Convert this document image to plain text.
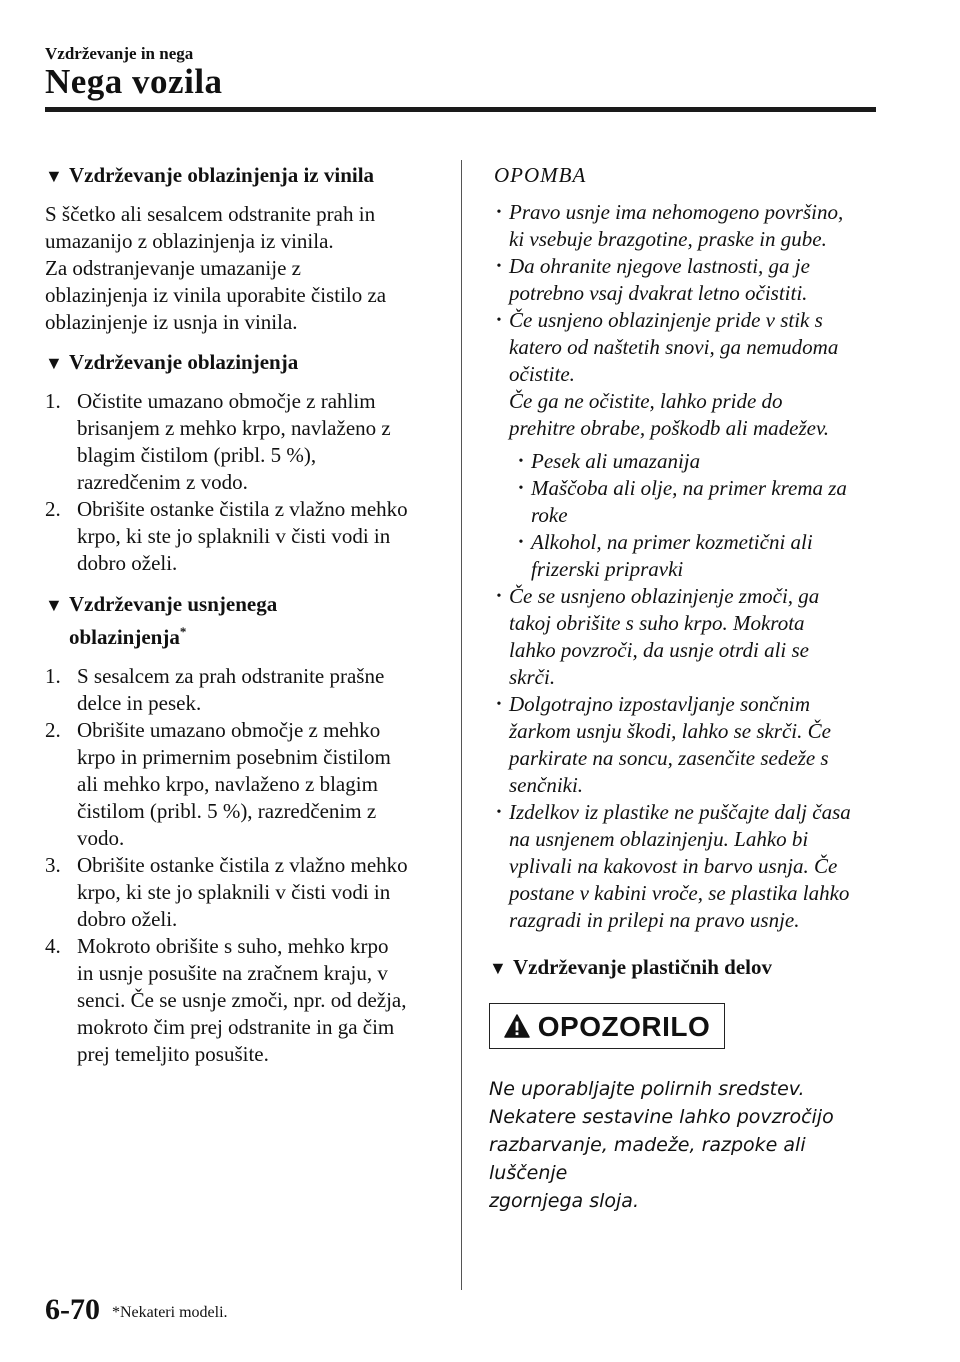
Vzdrževanje in nega
Nega vozila
▼ Vzdrževanje oblazinjenja iz vinila
S ščetko ali sesalcem odstranite prah in
umazanijo z oblazinjenja iz vinila.
Za odstranjevanje umazanije z
oblazinjenja iz vinila uporabite čistilo za
oblazinjenje iz usnja in vinila.
▼ Vzdrževanje oblazinjenja
1. Očistite umazano območje z rahlim
brisanjem z mehko krpo, navlaženo z
blagim čistilom (pribl. 5 %),
razredčenim z vodo.
2. Obrišite ostanke čistila z vlažno mehko
krpo, ki ste jo splaknili v čisti vodi in
dobro oželi.
▼ Vzdrževanje usnjenega
oblazinjenja*
1. S sesalcem za prah odstranite prašne
delce in pesek.
2. Obrišite umazano območje z mehko
krpo in primernim posebnim čistilom
ali mehko krpo, navlaženo z blagim
čistilom (pribl. 5 %), razredčenim z
vodo.
3. Obrišite ostanke čistila z vlažno mehko
krpo, ki ste jo splaknili v čisti vodi in
dobro oželi.
4. Mokroto obrišite s suho, mehko krpo
in usnje posušite na zračnem kraju, v
senci. Če se usnje zmoči, npr. od dežja,
mokroto čim prej odstranite in ga čim
prej temeljito posušite.
OPOMBA
• Pravo usnje ima nehomogeno površino,
ki vsebuje brazgotine, praske in gube.
• Da ohranite njegove lastnosti, ga je
potrebno vsaj dvakrat letno očistiti.
• Če usnjeno oblazinjenje pride v stik s
katero od naštetih snovi, ga nemudoma
očistite.
Če ga ne očistite, lahko pride do
prehitre obrabe, poškodb ali madežev.
• Pesek ali umazanija
• Maščoba ali olje, na primer krema za
roke
• Alkohol, na primer kozmetični ali
frizerski pripravki
• Če se usnjeno oblazinjenje zmoči, ga
takoj obrišite s suho krpo. Mokrota
lahko povzroči, da usnje otrdi ali se
skrči.
• Dolgotrajno izpostavljanje sončnim
žarkom usnju škodi, lahko se skrči. Če
parkirate na soncu, zasenčite sedeže s
senčniki.
• Izdelkov iz plastike ne puščajte dalj časa
na usnjenem oblazinjenju. Lahko bi
vplivali na kakovost in barvo usnja. Če
postane v kabini vroče, se plastika lahko
razgradi in prilepi na pravo usnje.
▼ Vzdrževanje plastičnih delov
OPOZORILO
Ne uporabljajte polirnih sredstev.
Nekatere sestavine lahko povzročijo
razbarvanje, madeže, razpoke ali luščenje
zgornjega sloja.
6-70 *Nekateri modeli.
